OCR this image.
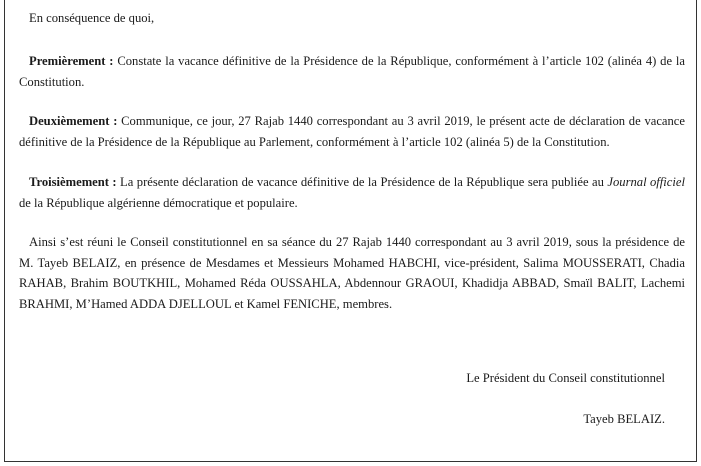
En conséquence de quoi,

Premièrement : Constate la vacance définitive de la Présidence de la République, conformément à l’article 102 (alinéa 4) de la Constitution.

Deuxièmement : Communique, ce jour, 27 Rajab 1440 correspondant au 3 avril 2019, le présent acte de déclaration de vacance définitive de la Présidence de la République au Parlement, conformément à l’article 102 (alinéa 5) de la Constitution.

Troisièmement : La présente déclaration de vacance définitive de la Présidence de la République sera publiée au Journal officiel de la République algérienne démocratique et populaire.

Ainsi s’est réuni le Conseil constitutionnel en sa séance du 27 Rajab 1440 correspondant au 3 avril 2019, sous la présidence de M. Tayeb BELAIZ, en présence de Mesdames et Messieurs Mohamed HABCHI, vice-président, Salima MOUSSERATI, Chadia RAHAB, Brahim BOUTKHIL, Mohamed Réda OUSSAHLA, Abdennour GRAOUI, Khadidja ABBAD, Smaïl BALIT, Lachemi BRAHMI, M’Hamed ADDA DJELLOUL et Kamel FENICHE, membres.

Le Président du Conseil constitutionnel
Tayeb BELAIZ.
